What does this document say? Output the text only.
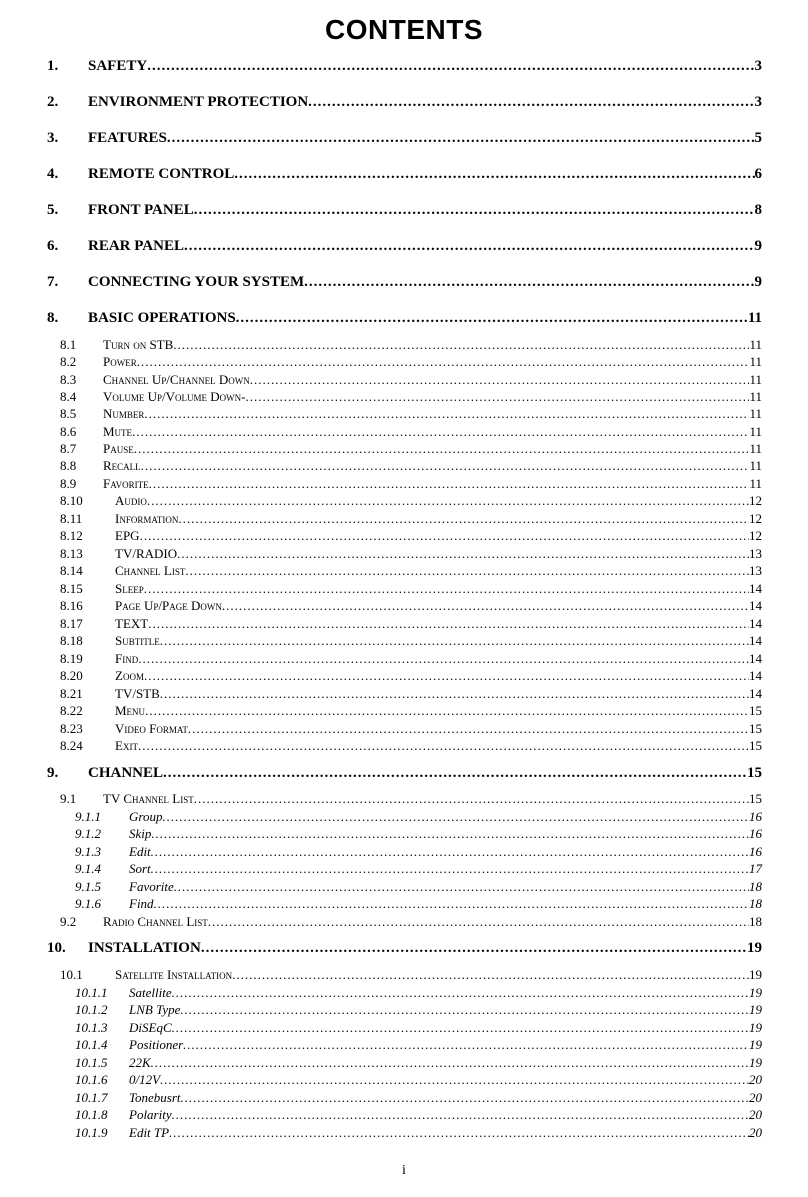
CONTENTS
1. SAFETY .....	3
2. ENVIRONMENT PROTECTION .....	3
3. FEATURES .....	5
4. REMOTE CONTROL .....	6
5. FRONT PANEL .....	8
6. REAR PANEL .....	9
7. CONNECTING YOUR SYSTEM .....	9
8. BASIC OPERATIONS .....	11
8.1 Turn on STB .....	11
8.2 Power .....	11
8.3 Channel Up/Channel Down .....	11
8.4 Volume Up/Volume Down- .....	11
8.5 Number .....	11
8.6 Mute .....	11
8.7 Pause .....	11
8.8 Recall .....	11
8.9 Favorite .....	11
8.10 Audio .....	12
8.11	Information .....	12
8.12 EPG .....	12
8.13 TV/RADIO .....	13
8.14 Channel List .....	13
8.15 Sleep .....	14
8.16 Page Up/Page Down .....	14
8.17 TEXT .....	14
8.18 Subtitle .....	14
8.19 Find .....	14
8.20 Zoom .....	14
8.21 TV/STB .....	14
8.22 Menu .....	15
8.23 Video Format .....	15
8.24 Exit .....	15
9. CHANNEL .....	15
9.1 TV Channel List .....	15
9.1.1 Group .....	16
9.1.2 Skip .....	16
9.1.3 Edit .....	16
9.1.4 Sort .....	17
9.1.5 Favorite .....	18
9.1.6 Find .....	18
9.2 Radio Channel List .....	18
10. INSTALLATION .....	19
10.1 Satellite Installation .....	19
10.1.1 Satellite .....	19
10.1.2 LNB Type .....	19
10.1.3 DiSEqC .....	19
10.1.4 Positioner .....	19
10.1.5 22K .....	19
10.1.6 0/12V .....	20
10.1.7 Tonebusrt .....	20
10.1.8 Polarity .....	20
10.1.9 Edit TP .....	20
i
